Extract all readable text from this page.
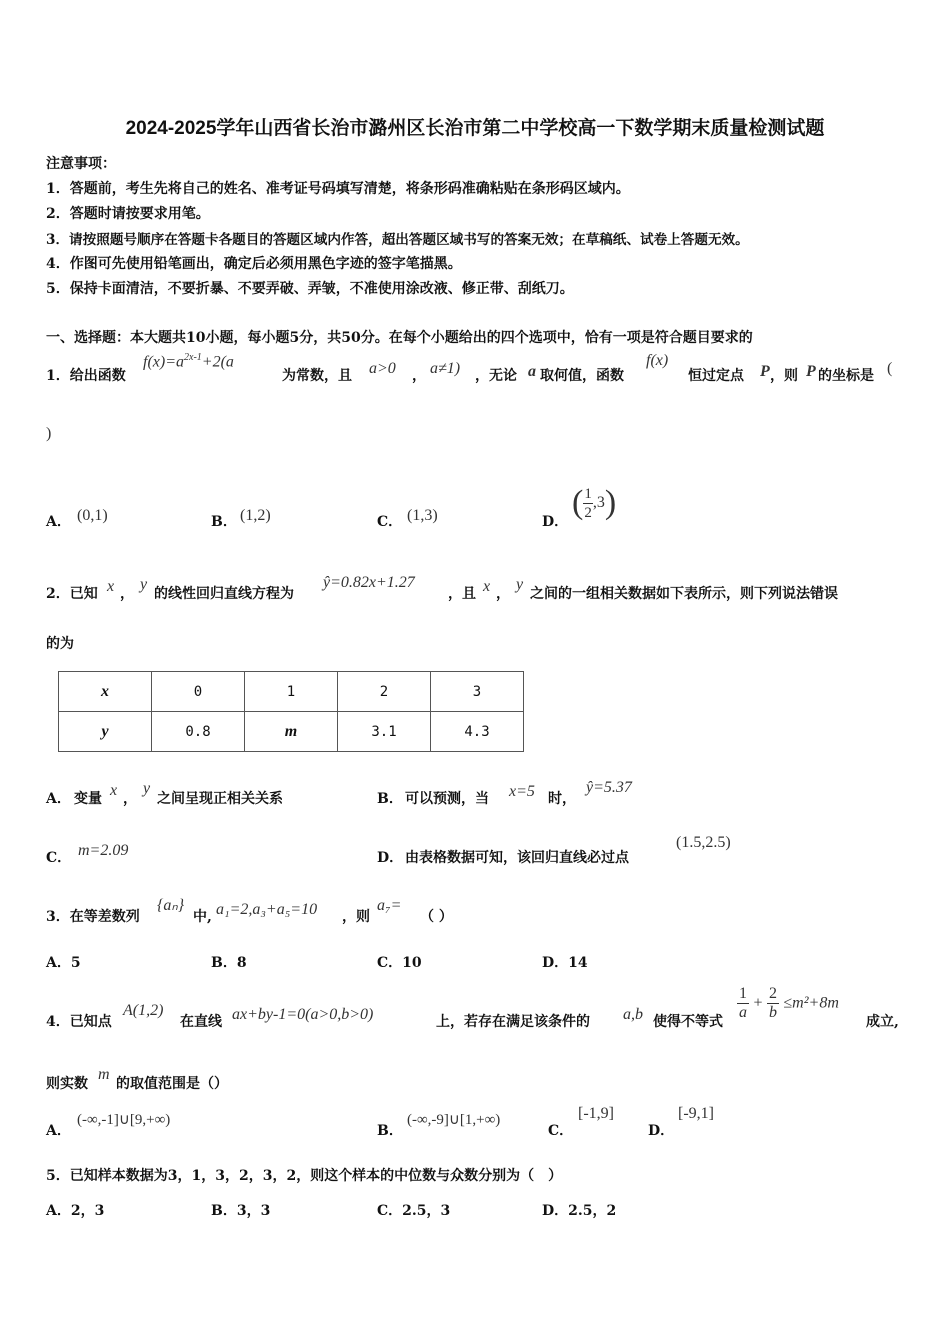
2024-2025学年山西省长治市潞州区长治市第二中学校高一下数学期末质量检测试题
注意事项：
1．答题前，考生先将自己的姓名、准考证号码填写清楚，将条形码准确粘贴在条形码区域内。
2．答题时请按要求用笔。
3．请按照题号顺序在答题卡各题目的答题区域内作答，超出答题区域书写的答案无效；在草稿纸、试卷上答题无效。
4．作图可先使用铅笔画出，确定后必须用黑色字迹的签字笔描黑。
5．保持卡面清洁，不要折暴、不要弄破、弄皱，不准使用涂改液、修正带、刮纸刀。
一、选择题：本大题共10小题，每小题5分，共50分。在每个小题给出的四个选项中，恰有一项是符合题目要求的
1．给出函数
$f(x)=a^{2x-1}+2(a$
为常数，且 a>0 ， a≠1) ，无论 a 取何值，函数
f(x)
恒过定点 P ，则 P 的坐标是 (
)
A． (0,1)	B． (1,2)	C． (1,3)	D．
( $\frac{1}{2} ,3$)
2．已知 x ，
y
的线性回归直线方程为
ŷ=0.82x+1.27
，且 x ，
y
之间的一组相关数据如下表所示，则下列说法错误
的为
x	0	1	2	3
y	0.8	m	3.1	4.3
A． 变量 x ，
y
之间呈现正相关关系	B． 可以预测，当 x=5 时，
ŷ=5.37
C． m=2.09	D． 由表格数据可知，该回归直线必过点
(1.5,2.5)
3．在等差数列
{aₙ}
中, a₁=2,a₃+a₅=10 ，则
a₇=
（ ）
A．5	B．8	C．10	D．14
4．已知点
A(1,2)
在直线 ax+by-1=0(a>0,b>0)	上，若存在满足该条件的 a,b 使得不等式 $\frac{1}{a} + \frac{2}{b} \le m^2+8m$
成立,
则实数
m
的取值范围是（）
A．
(-∞,-1]∪[9,+∞)
B．
(-∞,-9]∪[1,+∞)
C．
[-1,9]
D．
[-9,1]
5．已知样本数据为3，1，3，2，3，2，则这个样本的中位数与众数分别为（　）
A．2，3	B．3，3	C．2.5，3	D．2.5，2
